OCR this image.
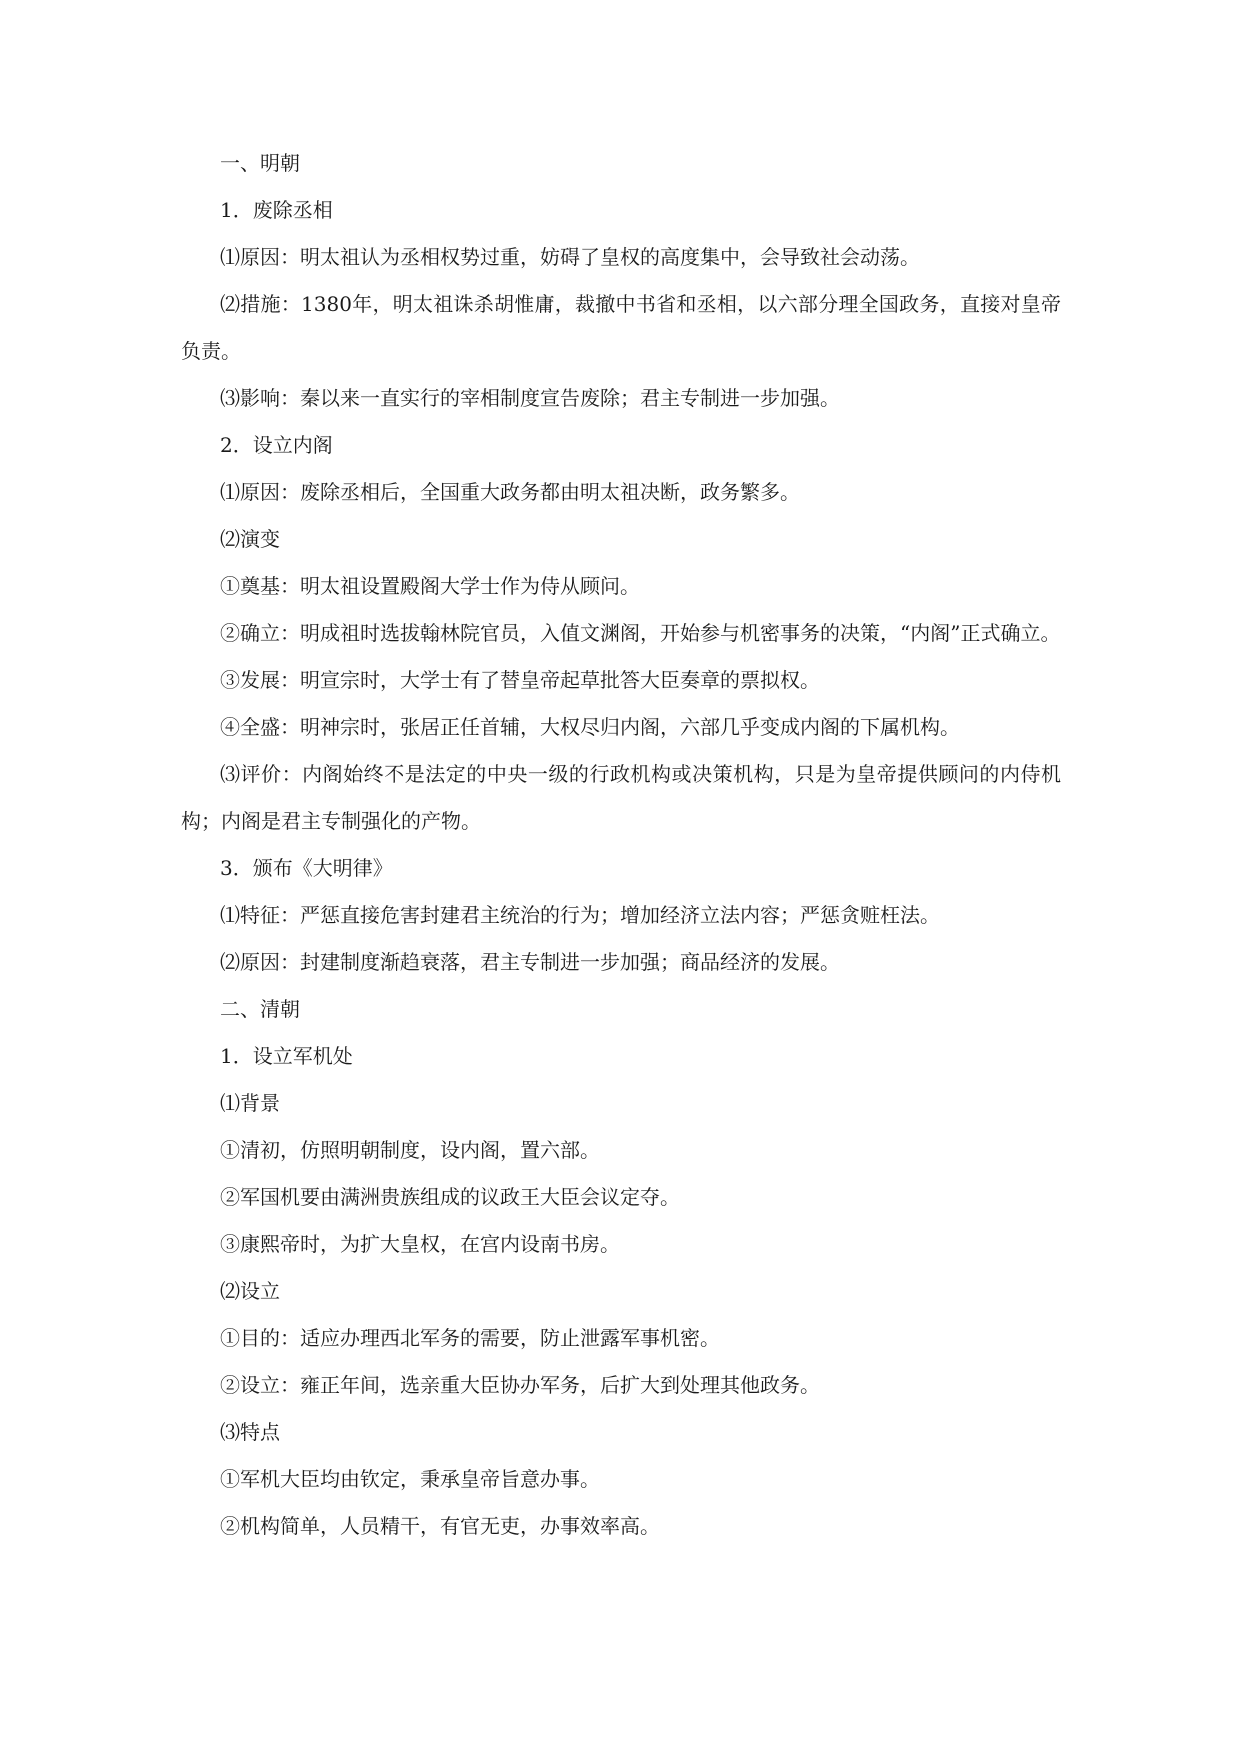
一、明朝

1．废除丞相

⑴原因：明太祖认为丞相权势过重，妨碍了皇权的高度集中，会导致社会动荡。

⑵措施：1380年，明太祖诛杀胡惟庸，裁撤中书省和丞相，以六部分理全国政务，直接对皇帝负责。

⑶影响：秦以来一直实行的宰相制度宣告废除；君主专制进一步加强。

2．设立内阁

⑴原因：废除丞相后，全国重大政务都由明太祖决断，政务繁多。

⑵演变

①奠基：明太祖设置殿阁大学士作为侍从顾问。

②确立：明成祖时选拔翰林院官员，入值文渊阁，开始参与机密事务的决策，“内阁”正式确立。

③发展：明宣宗时，大学士有了替皇帝起草批答大臣奏章的票拟权。

④全盛：明神宗时，张居正任首辅，大权尽归内阁，六部几乎变成内阁的下属机构。

⑶评价：内阁始终不是法定的中央一级的行政机构或决策机构，只是为皇帝提供顾问的内侍机构；内阁是君主专制强化的产物。

3．颁布《大明律》

⑴特征：严惩直接危害封建君主统治的行为；增加经济立法内容；严惩贪赃枉法。

⑵原因：封建制度渐趋衰落，君主专制进一步加强；商品经济的发展。

二、清朝

1．设立军机处

⑴背景

①清初，仿照明朝制度，设内阁，置六部。

②军国机要由满洲贵族组成的议政王大臣会议定夺。

③康熙帝时，为扩大皇权，在宫内设南书房。

⑵设立

①目的：适应办理西北军务的需要，防止泄露军事机密。

②设立：雍正年间，选亲重大臣协办军务，后扩大到处理其他政务。

⑶特点

①军机大臣均由钦定，秉承皇帝旨意办事。

②机构简单，人员精干，有官无吏，办事效率高。
